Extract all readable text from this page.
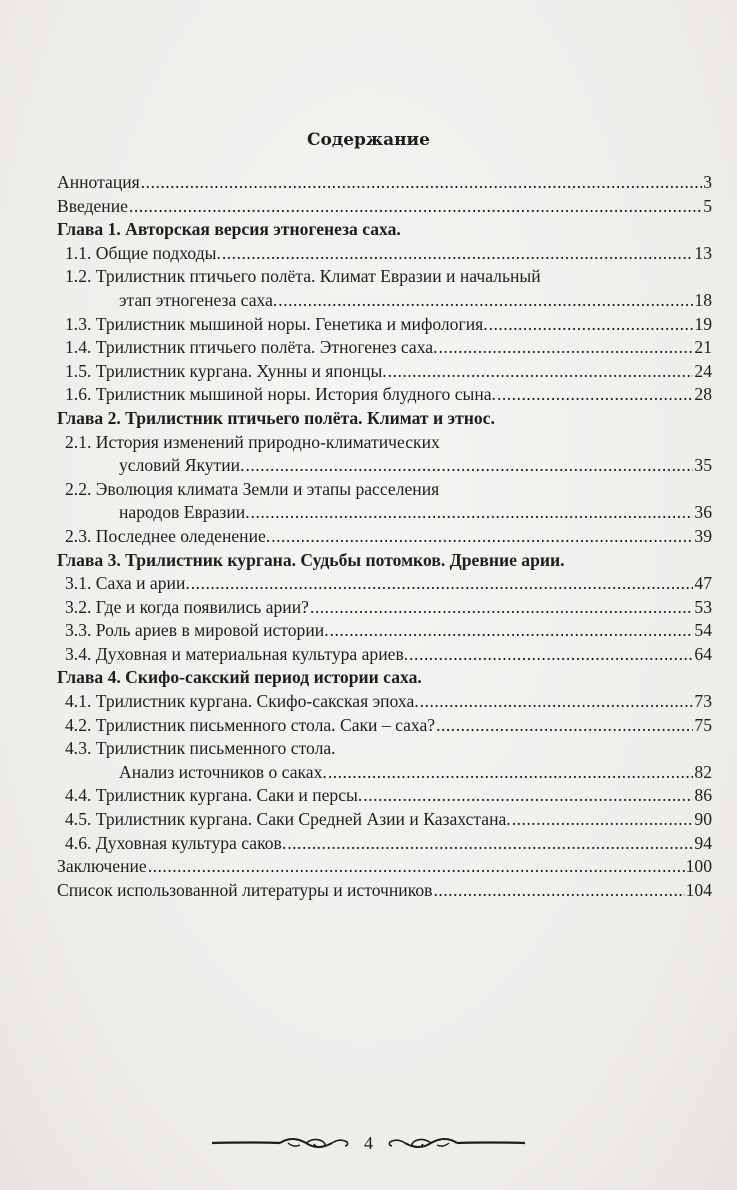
Содержание
Аннотация .....	3
Введение .....	5
Глава 1. Авторская версия этногенеза саха.
1.1. Общие подходы. .....	13
1.2. Трилистник птичьего полёта. Климат Евразии и начальный
этап этногенеза саха. .....	18
1.3. Трилистник мышиной норы. Генетика и мифология. .....	19
1.4. Трилистник птичьего полёта. Этногенез саха. .....	21
1.5. Трилистник кургана. Хунны и японцы. .....	24
1.6. Трилистник мышиной норы. История блудного сына. .....	28
Глава 2. Трилистник птичьего полёта. Климат и этнос.
2.1. История изменений природно-климатических
условий Якутии. .....	35
2.2. Эволюция климата Земли и этапы расселения
народов Евразии. .....	36
2.3. Последнее оледенение. .....	39
Глава 3. Трилистник кургана. Судьбы потомков. Древние арии.
3.1. Саха и арии. .....	47
3.2. Где и когда появились арии? .....	53
3.3. Роль ариев в мировой истории. .....	54
3.4. Духовная и материальная культура ариев. .....	64
Глава 4. Скифо-сакский период истории саха.
4.1. Трилистник кургана. Скифо-сакская эпоха. .....	73
4.2. Трилистник письменного стола. Саки – саха? .....	75
4.3. Трилистник письменного стола.
Анализ источников о саках. .....	82
4.4. Трилистник кургана. Саки и персы. .....	86
4.5. Трилистник кургана. Саки Средней Азии и Казахстана. .....	90
4.6. Духовная культура саков. .....	94
Заключение .....	100
Список использованной литературы и источников .....	104
4
